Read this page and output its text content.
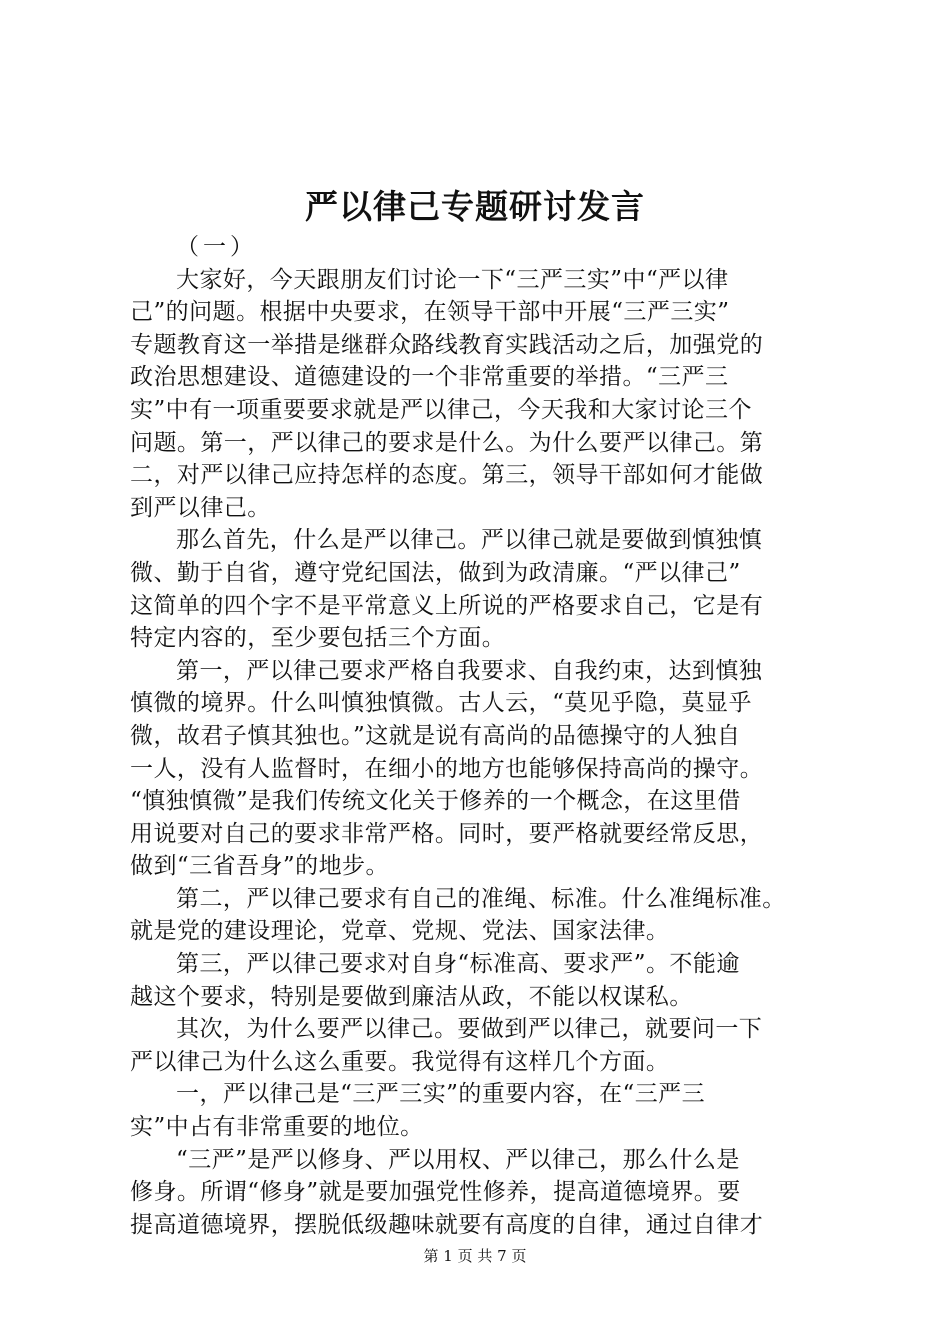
严以律己专题研讨发言
（一）
大家好，今天跟朋友们讨论一下“三严三实”中“严以律
己”的问题。根据中央要求，在领导干部中开展“三严三实”
专题教育这一举措是继群众路线教育实践活动之后，加强党的
政治思想建设、道德建设的一个非常重要的举措。“三严三
实”中有一项重要要求就是严以律己，今天我和大家讨论三个
问题。第一，严以律己的要求是什么。为什么要严以律己。第
二，对严以律己应持怎样的态度。第三，领导干部如何才能做
到严以律己。
那么首先，什么是严以律己。严以律己就是要做到慎独慎
微、勤于自省，遵守党纪国法，做到为政清廉。“严以律己”
这简单的四个字不是平常意义上所说的严格要求自己，它是有
特定内容的，至少要包括三个方面。
第一，严以律己要求严格自我要求、自我约束，达到慎独
慎微的境界。什么叫慎独慎微。古人云，“莫见乎隐，莫显乎
微，故君子慎其独也。”这就是说有高尚的品德操守的人独自
一人，没有人监督时，在细小的地方也能够保持高尚的操守。
“慎独慎微”是我们传统文化关于修养的一个概念，在这里借
用说要对自己的要求非常严格。同时，要严格就要经常反思，
做到“三省吾身”的地步。
第二，严以律己要求有自己的准绳、标准。什么准绳标准。
就是党的建设理论，党章、党规、党法、国家法律。
第三，严以律己要求对自身“标准高、要求严”。不能逾
越这个要求，特别是要做到廉洁从政，不能以权谋私。
其次，为什么要严以律己。要做到严以律己，就要问一下
严以律己为什么这么重要。我觉得有这样几个方面。
一，严以律己是“三严三实”的重要内容，在“三严三
实”中占有非常重要的地位。
“三严”是严以修身、严以用权、严以律己，那么什么是
修身。所谓“修身”就是要加强党性修养，提高道德境界。要
提高道德境界，摆脱低级趣味就要有高度的自律，通过自律才
第 1 页 共 7 页
